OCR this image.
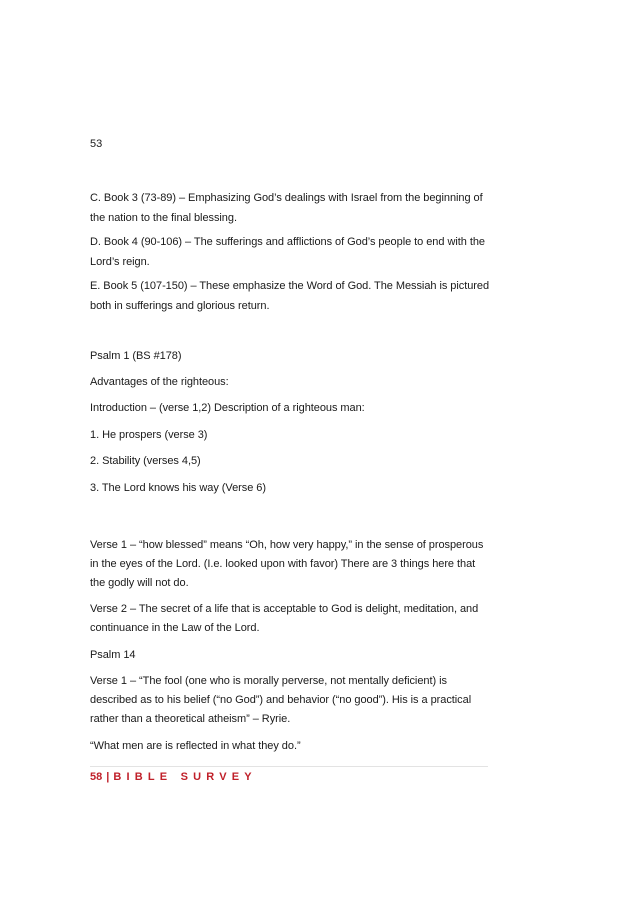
53
C. Book 3 (73-89) – Emphasizing God’s dealings with Israel from the beginning of
the nation to the final blessing.
D. Book 4 (90-106) – The sufferings and afflictions of God’s people to end with the
Lord’s reign.
E. Book 5 (107-150) – These emphasize the Word of God. The Messiah is pictured
both in sufferings and glorious return.
Psalm 1 (BS #178)
Advantages of the righteous:
Introduction – (verse 1,2) Description of a righteous man:
1. He prospers (verse 3)
2. Stability (verses 4,5)
3. The Lord knows his way (Verse 6)
Verse 1 – “how blessed” means “Oh, how very happy,” in the sense of prosperous
in the eyes of the Lord. (I.e. looked upon with favor) There are 3 things here that
the godly will not do.
Verse 2 – The secret of a life that is acceptable to God is delight, meditation, and
continuance in the Law of the Lord.
Psalm 14
Verse 1 – “The fool (one who is morally perverse, not mentally deficient) is
described as to his belief (“no God”) and behavior (“no good”). His is a practical
rather than a theoretical atheism” – Ryrie.
“What men are is reflected in what they do.”
58 | BIBLE SURVEY
